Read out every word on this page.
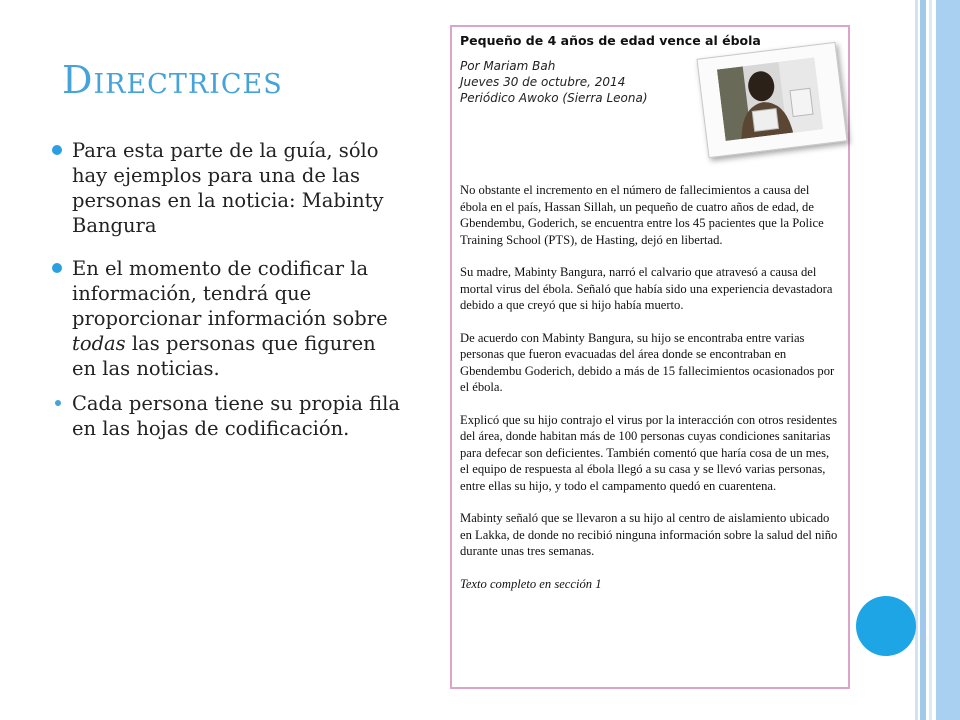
Directrices
Para esta parte de la guía, sólo hay ejemplos para una de las personas en la noticia: Mabinty Bangura
En el momento de codificar la información, tendrá que proporcionar información sobre todas las personas que figuren en las noticias.
Cada persona tiene su propia fila en las hojas de codificación.
Pequeño de 4 años de edad vence al ébola
Por Mariam Bah
Jueves 30 de octubre, 2014
Periódico Awoko (Sierra Leona)

No obstante el incremento en el número de fallecimientos a causa del ébola en el país, Hassan Sillah, un pequeño de cuatro años de edad, de Gbendembu, Goderich, se encuentra entre los 45 pacientes que la Police Training School (PTS), de Hasting, dejó en libertad.

Su madre, Mabinty Bangura, narró el calvario que atravesó a causa del mortal virus del ébola. Señaló que había sido una experiencia devastadora debido a que creyó que si hijo había muerto.

De acuerdo con Mabinty Bangura, su hijo se encontraba entre varias personas que fueron evacuadas del área donde se encontraban en Gbendembu Goderich, debido a más de 15 fallecimientos ocasionados por el ébola.

Explicó que su hijo contrajo el virus por la interacción con otros residentes del área, donde habitan más de 100 personas cuyas condiciones sanitarias para defecar son deficientes. También comentó que haría cosa de un mes, el equipo de respuesta al ébola llegó a su casa y se llevó varias personas, entre ellas su hijo, y todo el campamento quedó en cuarentena.

Mabinty señaló que se llevaron a su hijo al centro de aislamiento ubicado en Lakka, de donde no recibió ninguna información sobre la salud del niño durante unas tres semanas.

Texto completo en sección 1
